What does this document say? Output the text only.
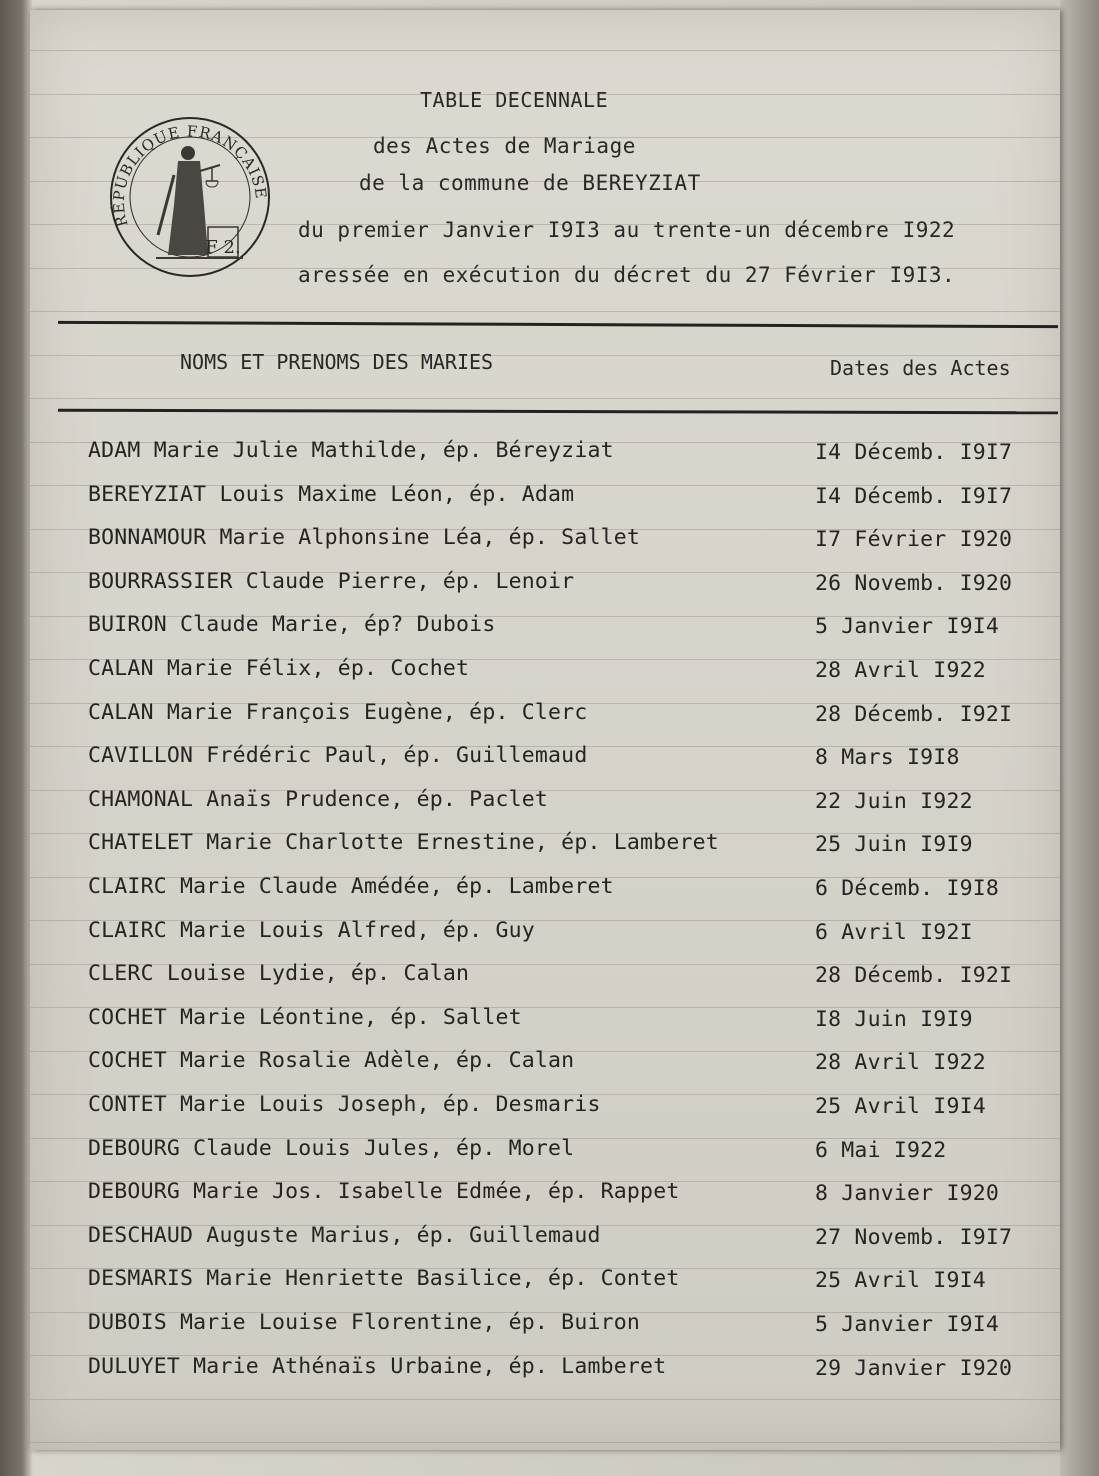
RÉPUBLIQUE FRANÇAISE
F 2.
TABLE DECENNALE
des Actes de Mariage
de la commune de BEREYZIAT
du premier Janvier I9I3 au trente-un décembre I922
aressée en exécution du décret du 27 Février I9I3.
NOMS ET PRENOMS DES MARIES	Dates des Actes
ADAM Marie Julie Mathilde, ép. Béreyziat	I4 Décemb. I9I7
BEREYZIAT Louis Maxime Léon, ép. Adam	I4 Décemb. I9I7
BONNAMOUR Marie Alphonsine Léa, ép. Sallet	I7 Février I920
BOURRASSIER Claude Pierre, ép. Lenoir	26 Novemb. I920
BUIRON Claude Marie, ép? Dubois	5 Janvier I9I4
CALAN Marie Félix, ép. Cochet	28 Avril I922
CALAN Marie François Eugène, ép. Clerc	28 Décemb. I92I
CAVILLON Frédéric Paul, ép. Guillemaud	8 Mars I9I8
CHAMONAL Anaïs Prudence, ép. Paclet	22 Juin I922
CHATELET Marie Charlotte Ernestine, ép. Lamberet	25 Juin I9I9
CLAIRC Marie Claude Amédée, ép. Lamberet	6 Décemb. I9I8
CLAIRC Marie Louis Alfred, ép. Guy	6 Avril I92I
CLERC Louise Lydie, ép. Calan	28 Décemb. I92I
COCHET Marie Léontine, ép. Sallet	I8 Juin I9I9
COCHET Marie Rosalie Adèle, ép. Calan	28 Avril I922
CONTET Marie Louis Joseph, ép. Desmaris	25 Avril I9I4
DEBOURG Claude Louis Jules, ép. Morel	6 Mai I922
DEBOURG Marie Jos. Isabelle Edmée, ép. Rappet	8 Janvier I920
DESCHAUD Auguste Marius, ép. Guillemaud	27 Novemb. I9I7
DESMARIS Marie Henriette Basilice, ép. Contet	25 Avril I9I4
DUBOIS Marie Louise Florentine, ép. Buiron	5 Janvier I9I4
DULUYET Marie Athénaïs Urbaine, ép. Lamberet	29 Janvier I920
